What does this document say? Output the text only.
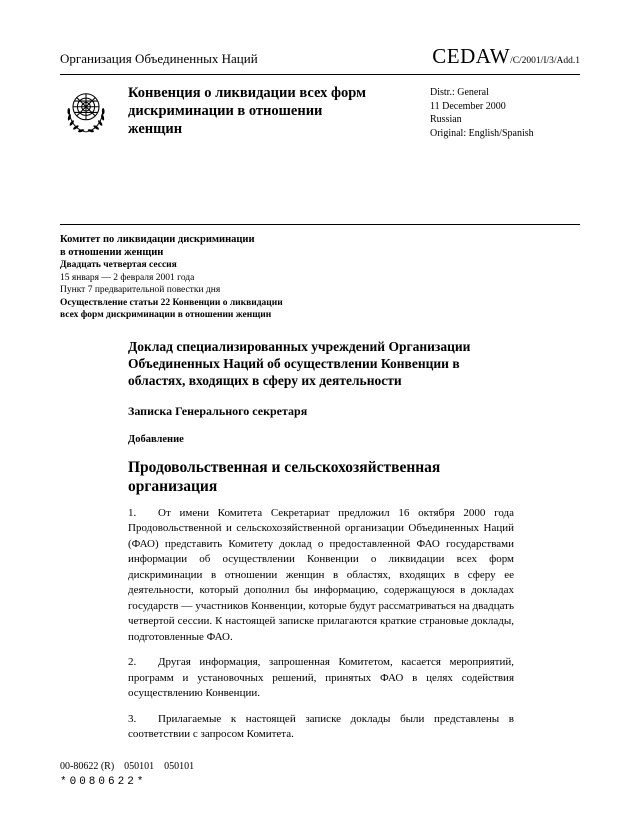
Организация Объединенных Наций	CEDAW/C/2001/I/3/Add.1
Конвенция о ликвидации всех форм дискриминации в отношении женщин
Distr.: General
11 December 2000
Russian
Original: English/Spanish
Комитет по ликвидации дискриминации
в отношении женщин
Двадцать четвертая сессия
15 января — 2 февраля 2001 года
Пункт 7 предварительной повестки дня
Осуществление статьи 22 Конвенции о ликвидации
всех форм дискриминации в отношении женщин

Доклад специализированных учреждений Организации Объединенных Наций об осуществлении Конвенции в областях, входящих в сферу их деятельности

Записка Генерального секретаря
Добавление
Продовольственная и сельскохозяйственная организация

1. От имени Комитета Секретариат предложил 16 октября 2000 года Продовольственной и сельскохозяйственной организации Объединенных Наций (ФАО) представить Комитету доклад о предоставленной ФАО государствами информации об осуществлении Конвенции о ликвидации всех форм дискриминации в отношении женщин в областях, входящих в сферу ее деятельности, который дополнил бы информацию, содержащуюся в докладах государств — участников Конвенции, которые будут рассматриваться на двадцать четвертой сессии. К настоящей записке прилагаются краткие страновые доклады, подготовленные ФАО.

2. Другая информация, запрошенная Комитетом, касается мероприятий, программ и установочных решений, принятых ФАО в целях содействия осуществлению Конвенции.

3. Прилагаемые к настоящей записке доклады были представлены в соответствии с запросом Комитета.

00-80622 (R)    050101    050101
*0080622*
